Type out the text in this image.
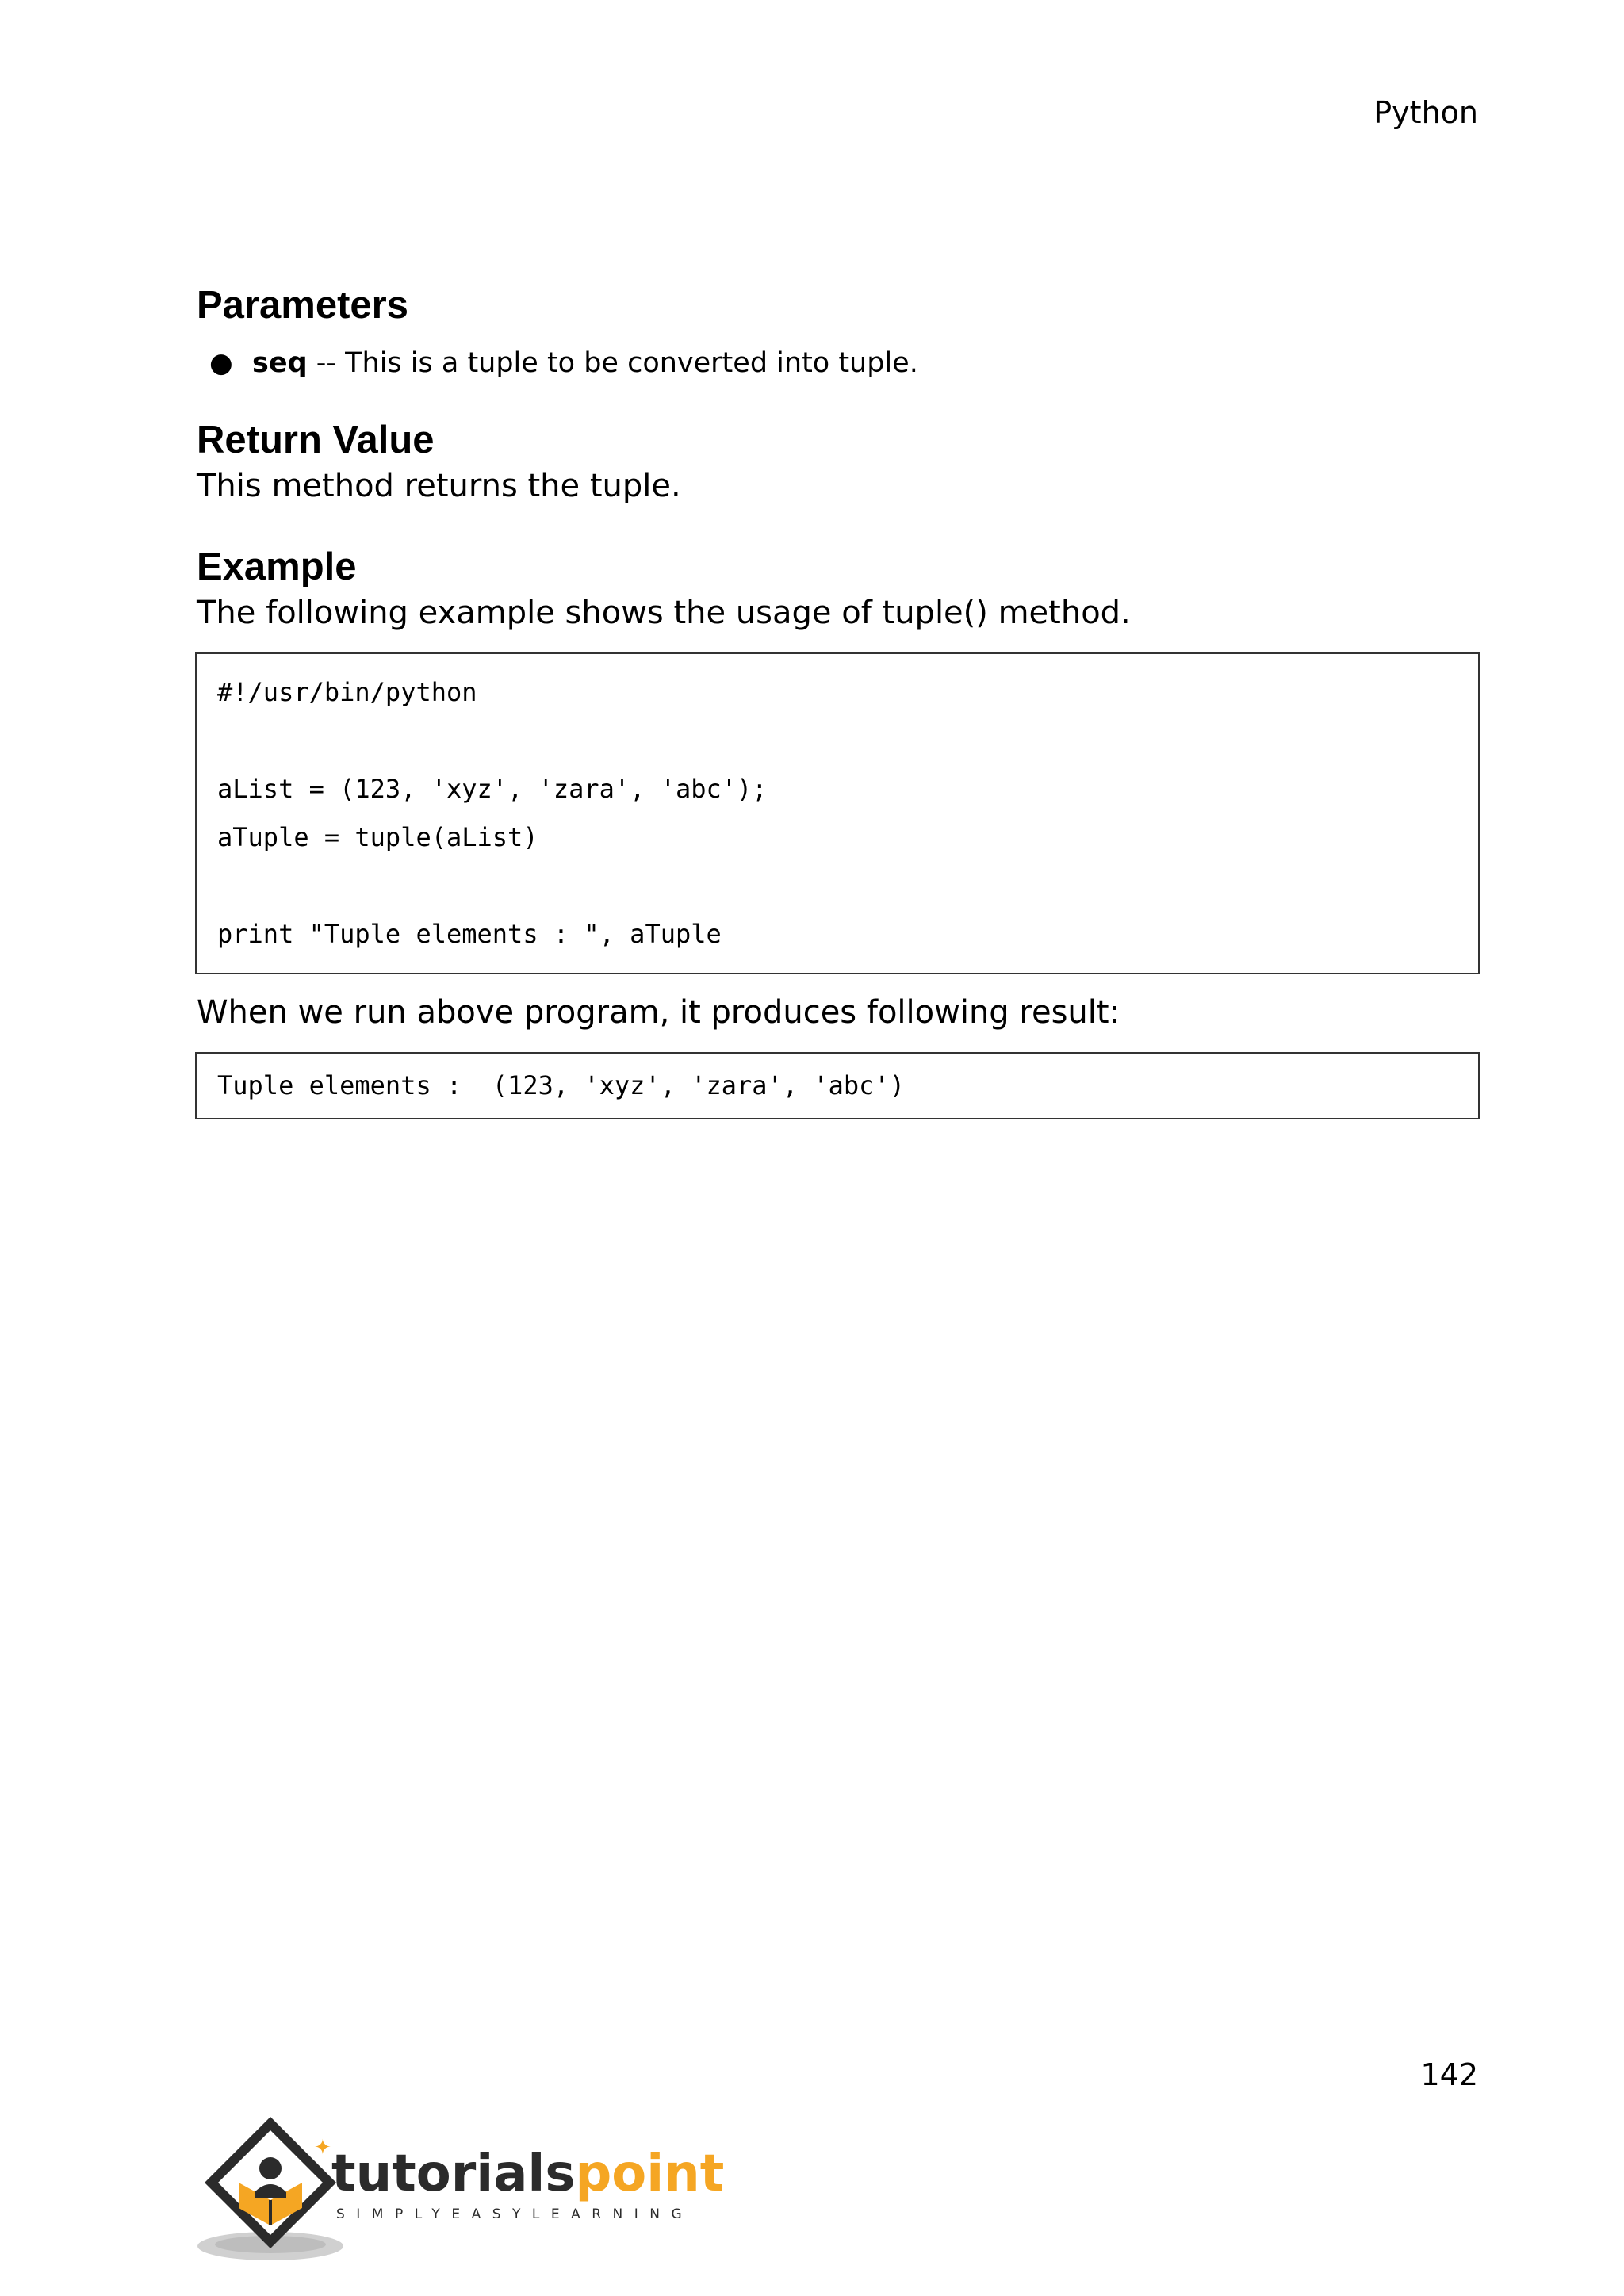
Python
Parameters
● seq -- This is a tuple to be converted into tuple.
Return Value

This method returns the tuple.

Example

The following example shows the usage of tuple() method.

#!/usr/bin/python
aList = (123, 'xyz', 'zara', 'abc');
aTuple = tuple(aList)
print "Tuple elements : ", aTuple

When we run above program, it produces following result:

Tuple elements :  (123, 'xyz', 'zara', 'abc')
142
✦ tutorialspoint
SIMPLYEASYLEARNING
